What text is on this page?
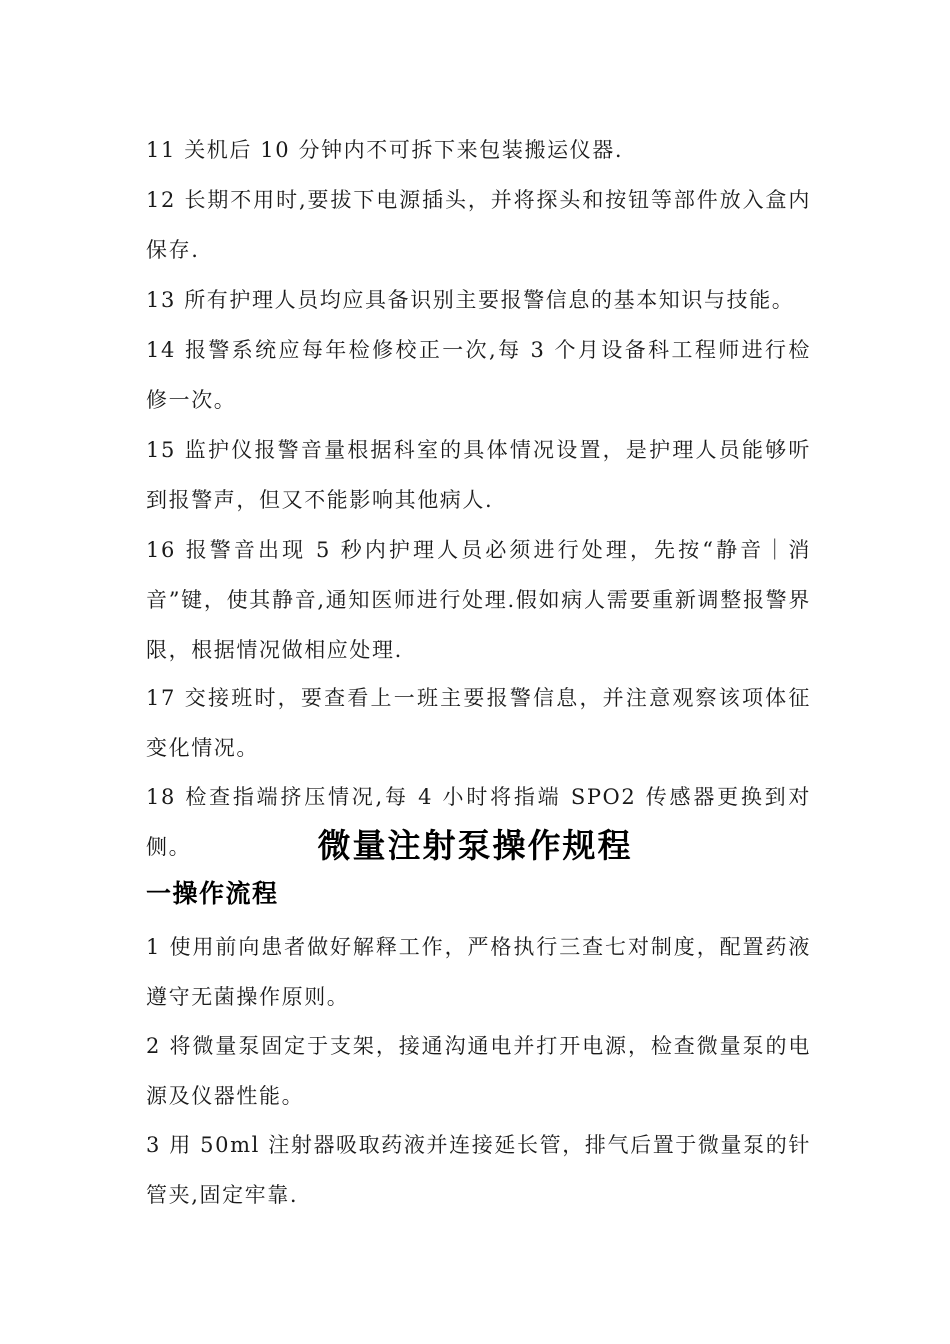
11 关机后 10 分钟内不可拆下来包装搬运仪器.

12 长期不用时,要拔下电源插头，并将探头和按钮等部件放入盒内保存.

13 所有护理人员均应具备识别主要报警信息的基本知识与技能。

14 报警系统应每年检修校正一次,每 3 个月设备科工程师进行检修一次。

15 监护仪报警音量根据科室的具体情况设置，是护理人员能够听到报警声，但又不能影响其他病人.

16 报警音出现 5 秒内护理人员必须进行处理，先按“静音｜消音”键，使其静音,通知医师进行处理.假如病人需要重新调整报警界限，根据情况做相应处理.

17 交接班时，要查看上一班主要报警信息，并注意观察该项体征变化情况。

18 检查指端挤压情况,每 4 小时将指端 SPO2 传感器更换到对侧。	微量注射泵操作规程
一操作流程

1 使用前向患者做好解释工作，严格执行三查七对制度，配置药液遵守无菌操作原则。

2 将微量泵固定于支架，接通沟通电并打开电源，检查微量泵的电源及仪器性能。

3 用 50ml 注射器吸取药液并连接延长管，排气后置于微量泵的针管夹,固定牢靠.
